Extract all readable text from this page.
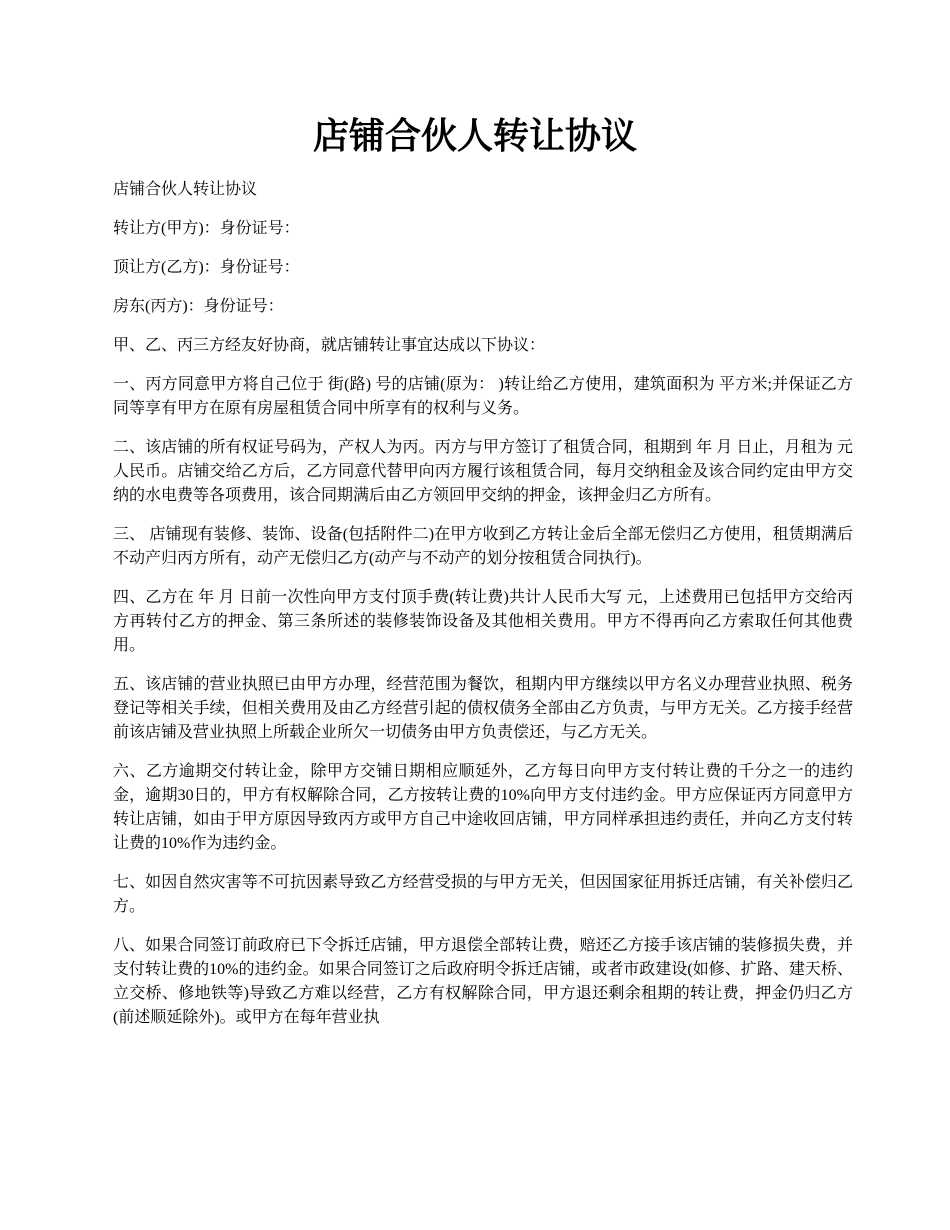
店铺合伙人转让协议

店铺合伙人转让协议

转让方(甲方)：身份证号：

顶让方(乙方)：身份证号：

房东(丙方)：身份证号：

甲、乙、丙三方经友好协商，就店铺转让事宜达成以下协议：

一、丙方同意甲方将自己位于 街(路) 号的店铺(原为： )转让给乙方使用，建筑面积为 平方米;并保证乙方同等享有甲方在原有房屋租赁合同中所享有的权利与义务。

二、该店铺的所有权证号码为，产权人为丙。丙方与甲方签订了租赁合同，租期到 年 月 日止，月租为 元人民币。店铺交给乙方后，乙方同意代替甲向丙方履行该租赁合同，每月交纳租金及该合同约定由甲方交纳的水电费等各项费用，该合同期满后由乙方领回甲交纳的押金，该押金归乙方所有。

三、 店铺现有装修、装饰、设备(包括附件二)在甲方收到乙方转让金后全部无偿归乙方使用，租赁期满后不动产归丙方所有，动产无偿归乙方(动产与不动产的划分按租赁合同执行)。

四、乙方在 年 月 日前一次性向甲方支付顶手费(转让费)共计人民币大写 元，上述费用已包括甲方交给丙方再转付乙方的押金、第三条所述的装修装饰设备及其他相关费用。甲方不得再向乙方索取任何其他费用。

五、该店铺的营业执照已由甲方办理，经营范围为餐饮，租期内甲方继续以甲方名义办理营业执照、税务登记等相关手续，但相关费用及由乙方经营引起的债权债务全部由乙方负责，与甲方无关。乙方接手经营前该店铺及营业执照上所载企业所欠一切债务由甲方负责偿还，与乙方无关。

六、乙方逾期交付转让金，除甲方交铺日期相应顺延外，乙方每日向甲方支付转让费的千分之一的违约金，逾期30日的，甲方有权解除合同，乙方按转让费的10%向甲方支付违约金。甲方应保证丙方同意甲方转让店铺，如由于甲方原因导致丙方或甲方自己中途收回店铺，甲方同样承担违约责任，并向乙方支付转让费的10%作为违约金。

七、如因自然灾害等不可抗因素导致乙方经营受损的与甲方无关，但因国家征用拆迁店铺，有关补偿归乙方。

八、如果合同签订前政府已下令拆迁店铺，甲方退偿全部转让费，赔还乙方接手该店铺的装修损失费，并支付转让费的10%的违约金。如果合同签订之后政府明令拆迁店铺，或者市政建设(如修、扩路、建天桥、立交桥、修地铁等)导致乙方难以经营，乙方有权解除合同，甲方退还剩余租期的转让费，押金仍归乙方(前述顺延除外)。或甲方在每年营业执
